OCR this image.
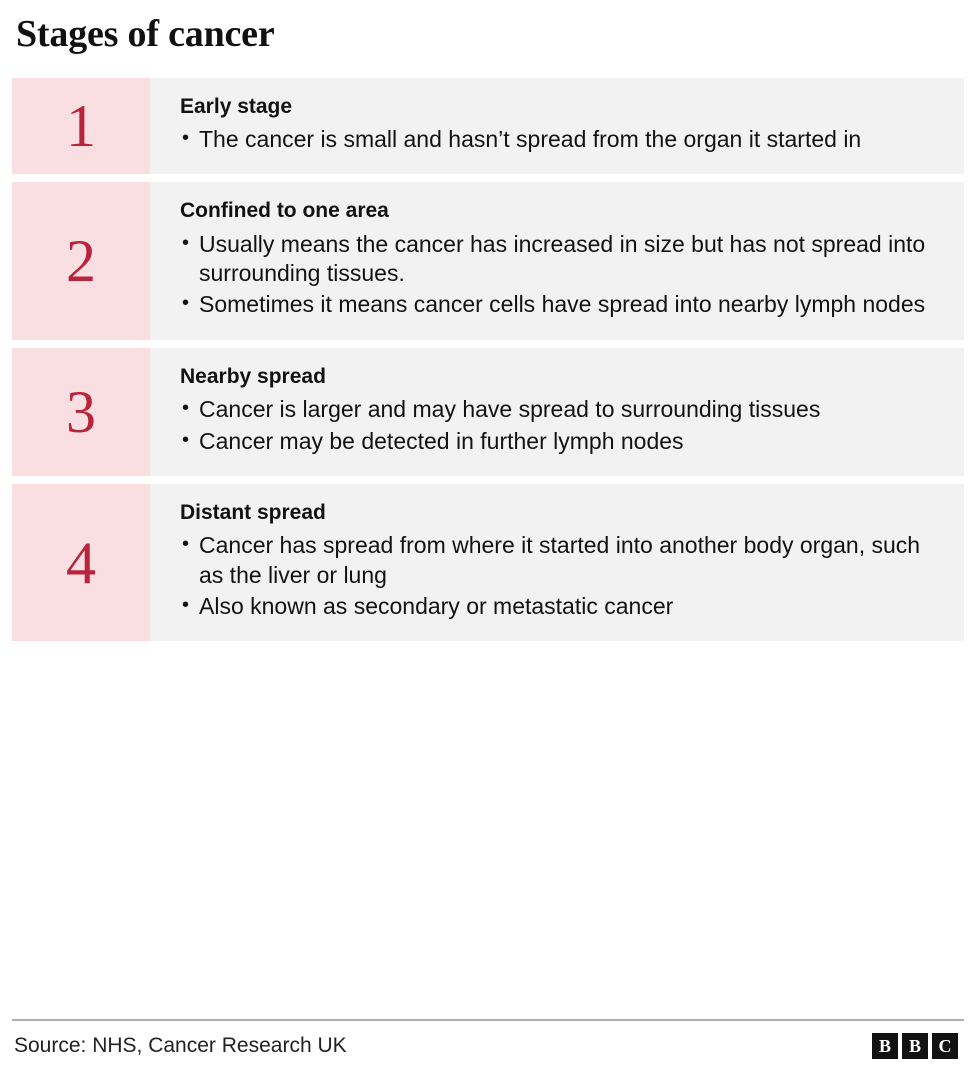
Stages of cancer
1	Early stage
• The cancer is small and hasn’t spread from the organ it started in
2
Confined to one area
• Usually means the cancer has increased in size but has not spread into surrounding tissues.
• Sometimes it means cancer cells have spread into nearby lymph nodes
3
Nearby spread
• Cancer is larger and may have spread to surrounding tissues
• Cancer may be detected in further lymph nodes
4
Distant spread
• Cancer has spread from where it started into another body organ, such as the liver or lung
• Also known as secondary or metastatic cancer
Source: NHS, Cancer Research UK	B B C
